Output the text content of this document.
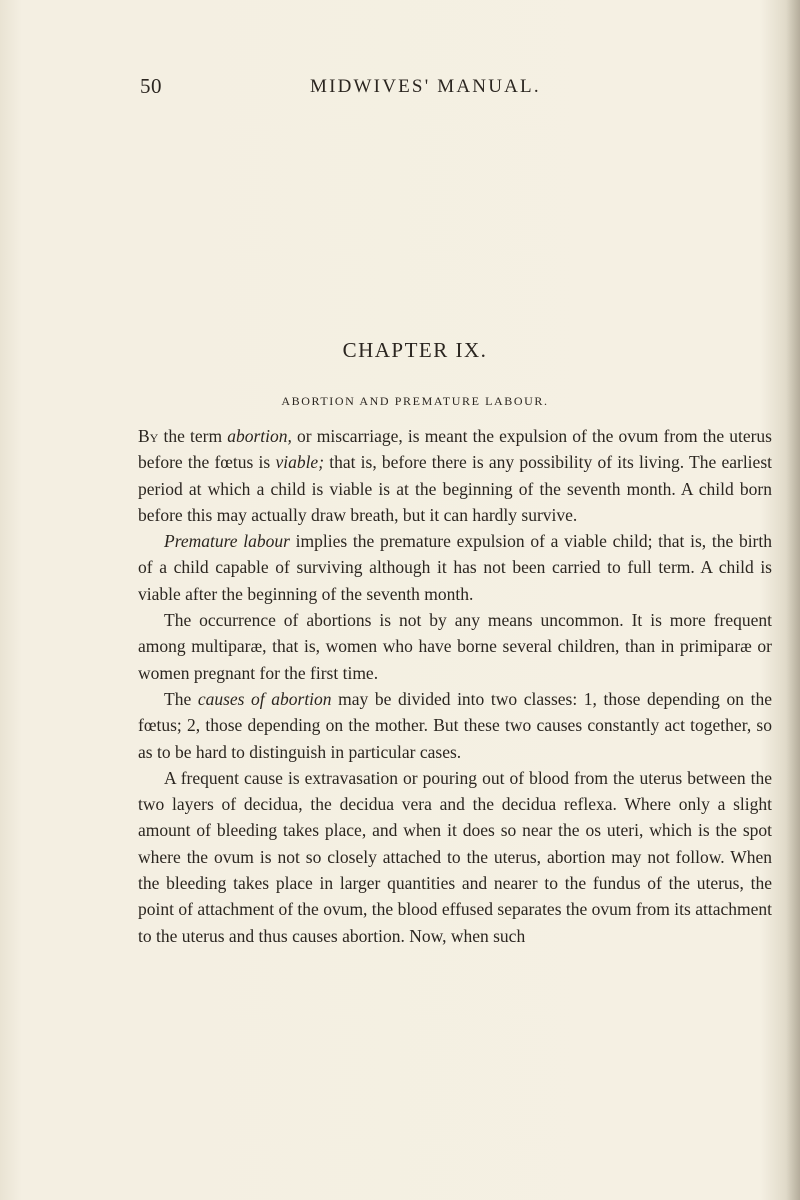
50	MIDWIVES' MANUAL.
CHAPTER IX.
ABORTION AND PREMATURE LABOUR.

By the term abortion, or miscarriage, is meant the expulsion of the ovum from the uterus before the fœtus is viable; that is, before there is any possibility of its living. The earliest period at which a child is viable is at the beginning of the seventh month. A child born before this may actually draw breath, but it can hardly survive.

Premature labour implies the premature expulsion of a viable child; that is, the birth of a child capable of surviving although it has not been carried to full term. A child is viable after the beginning of the seventh month.

The occurrence of abortions is not by any means uncommon. It is more frequent among multiparæ, that is, women who have borne several children, than in primiparæ or women pregnant for the first time.

The causes of abortion may be divided into two classes: 1, those depending on the fœtus; 2, those depending on the mother. But these two causes constantly act together, so as to be hard to distinguish in particular cases.

A frequent cause is extravasation or pouring out of blood from the uterus between the two layers of decidua, the decidua vera and the decidua reflexa. Where only a slight amount of bleeding takes place, and when it does so near the os uteri, which is the spot where the ovum is not so closely attached to the uterus, abortion may not follow. When the bleeding takes place in larger quantities and nearer to the fundus of the uterus, the point of attachment of the ovum, the blood effused separates the ovum from its attachment to the uterus and thus causes abortion. Now, when such
